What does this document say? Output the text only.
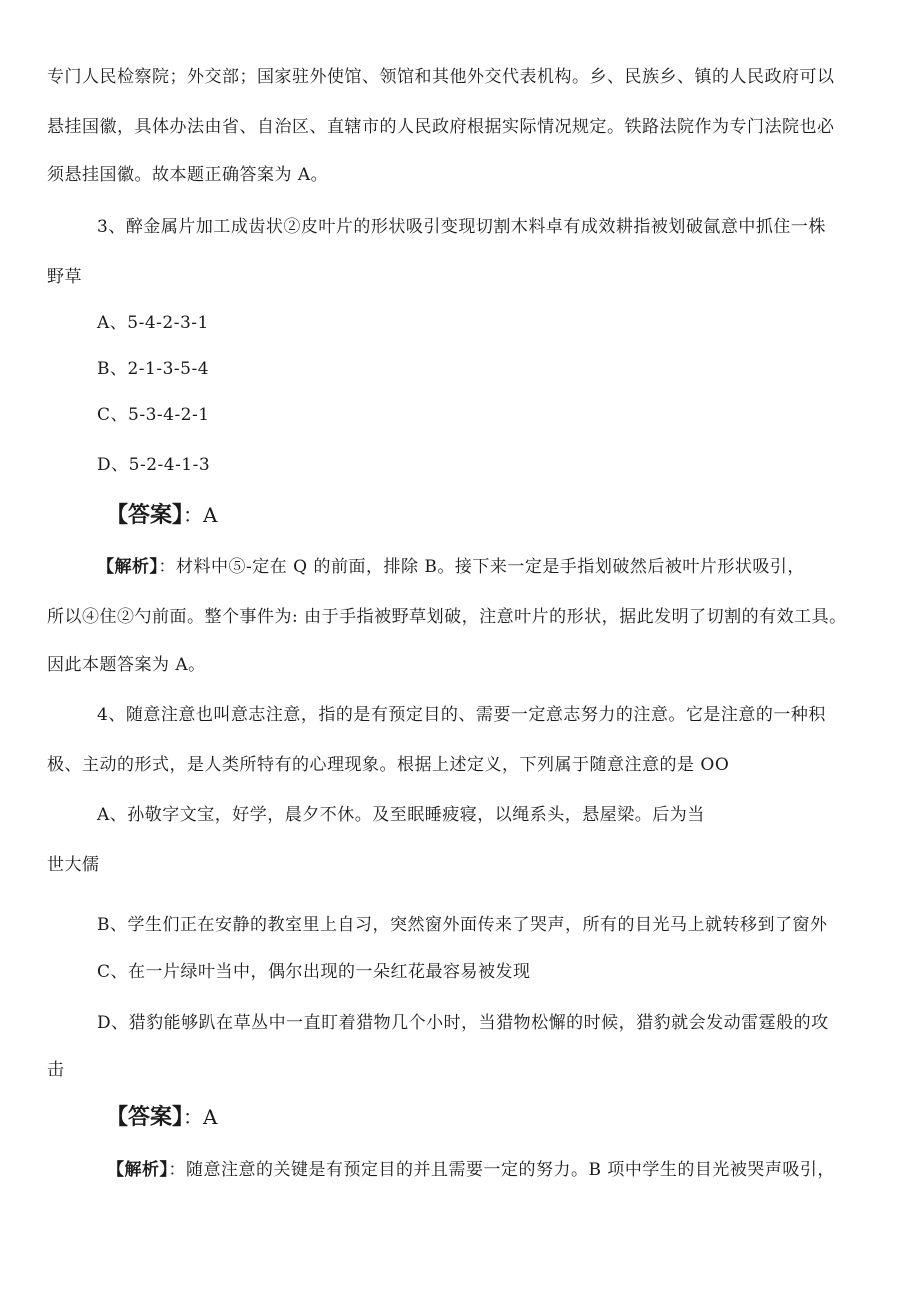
专门人民检察院；外交部；国家驻外使馆、领馆和其他外交代表机构。乡、民族乡、镇的人民政府可以
悬挂国徽，具体办法由省、自治区、直辖市的人民政府根据实际情况规定。铁路法院作为专门法院也必
须悬挂国徽。故本题正确答案为 A。
3、醉金属片加工成齿状②皮叶片的形状吸引变现切割木料卓有成效耕指被划破氤意中抓住一株
野草
A、5-4-2-3-1
B、2-1-3-5-4
C、5-3-4-2-1
D、5-2-4-1-3
【答案】：A
【解析】：材料中⑤-定在 Q 的前面，排除 B。接下来一定是手指划破然后被叶片形状吸引，
所以④住②勺前面。整个事件为: 由于手指被野草划破，注意叶片的形状，据此发明了切割的有效工具。
因此本题答案为 A。
4、随意注意也叫意志注意，指的是有预定目的、需要一定意志努力的注意。它是注意的一种积
极、主动的形式，是人类所特有的心理现象。根据上述定义，下列属于随意注意的是 OO
A、孙敬字文宝，好学，晨夕不休。及至眠睡疲寝，以绳系头，悬屋梁。后为当
世大儒
B、学生们正在安静的教室里上自习，突然窗外面传来了哭声，所有的目光马上就转移到了窗外
C、在一片绿叶当中，偶尔出现的一朵红花最容易被发现
D、猎豹能够趴在草丛中一直盯着猎物几个小时，当猎物松懈的时候，猎豹就会发动雷霆般的攻
击
【答案】：A
【解析】：随意注意的关键是有预定目的并且需要一定的努力。B 项中学生的目光被哭声吸引，
